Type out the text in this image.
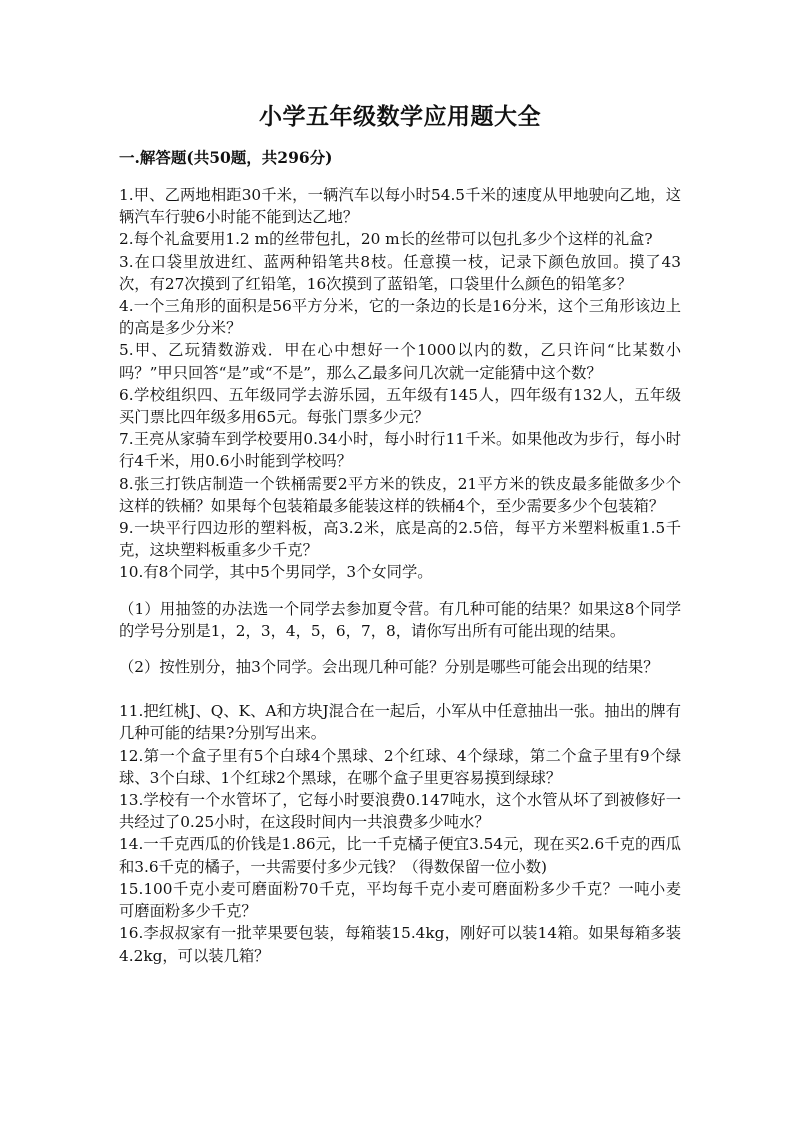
小学五年级数学应用题大全
一.解答题(共50题，共296分)

1.甲、乙两地相距30千米，一辆汽车以每小时54.5千米的速度从甲地驶向乙地，这辆汽车行驶6小时能不能到达乙地？

2.每个礼盒要用1.2 m的丝带包扎，20 m长的丝带可以包扎多少个这样的礼盒?

3.在口袋里放进红、蓝两种铅笔共8枝。任意摸一枝，记录下颜色放回。摸了43次，有27次摸到了红铅笔，16次摸到了蓝铅笔，口袋里什么颜色的铅笔多？

4.一个三角形的面积是56平方分米，它的一条边的长是16分米，这个三角形该边上的高是多少分米？

5.甲、乙玩猜数游戏．甲在心中想好一个1000以内的数，乙只许问“比某数小吗？”甲只回答“是”或“不是”，那么乙最多问几次就一定能猜中这个数？

6.学校组织四、五年级同学去游乐园，五年级有145人，四年级有132人，五年级买门票比四年级多用65元。每张门票多少元？

7.王亮从家骑车到学校要用0.34小时，每小时行11千米。如果他改为步行，每小时行4千米，用0.6小时能到学校吗？

8.张三打铁店制造一个铁桶需要2平方米的铁皮，21平方米的铁皮最多能做多少个这样的铁桶？如果每个包装箱最多能装这样的铁桶4个，至少需要多少个包装箱？

9.一块平行四边形的塑料板，高3.2米，底是高的2.5倍，每平方米塑料板重1.5千克，这块塑料板重多少千克？

10.有8个同学，其中5个男同学，3个女同学。

（1）用抽签的办法选一个同学去参加夏令营。有几种可能的结果？如果这8个同学的学号分别是1，2，3，4，5，6，7，8，请你写出所有可能出现的结果。

（2）按性别分，抽3个同学。会出现几种可能？分别是哪些可能会出现的结果？

11.把红桃J、Q、K、A和方块J混合在一起后，小军从中任意抽出一张。抽出的牌有几种可能的结果?分别写出来。

12.第一个盒子里有5个白球4个黑球、2个红球、4个绿球，第二个盒子里有9个绿球、3个白球、1个红球2个黑球，在哪个盒子里更容易摸到绿球？

13.学校有一个水管坏了，它每小时要浪费0.147吨水，这个水管从坏了到被修好一共经过了0.25小时，在这段时间内一共浪费多少吨水？

14.一千克西瓜的价钱是1.86元，比一千克橘子便宜3.54元，现在买2.6千克的西瓜和3.6千克的橘子，一共需要付多少元钱？（得数保留一位小数)

15.100千克小麦可磨面粉70千克，平均每千克小麦可磨面粉多少千克？一吨小麦可磨面粉多少千克？

16.李叔叔家有一批苹果要包装，每箱装15.4kg，刚好可以装14箱。如果每箱多装4.2kg，可以装几箱？
